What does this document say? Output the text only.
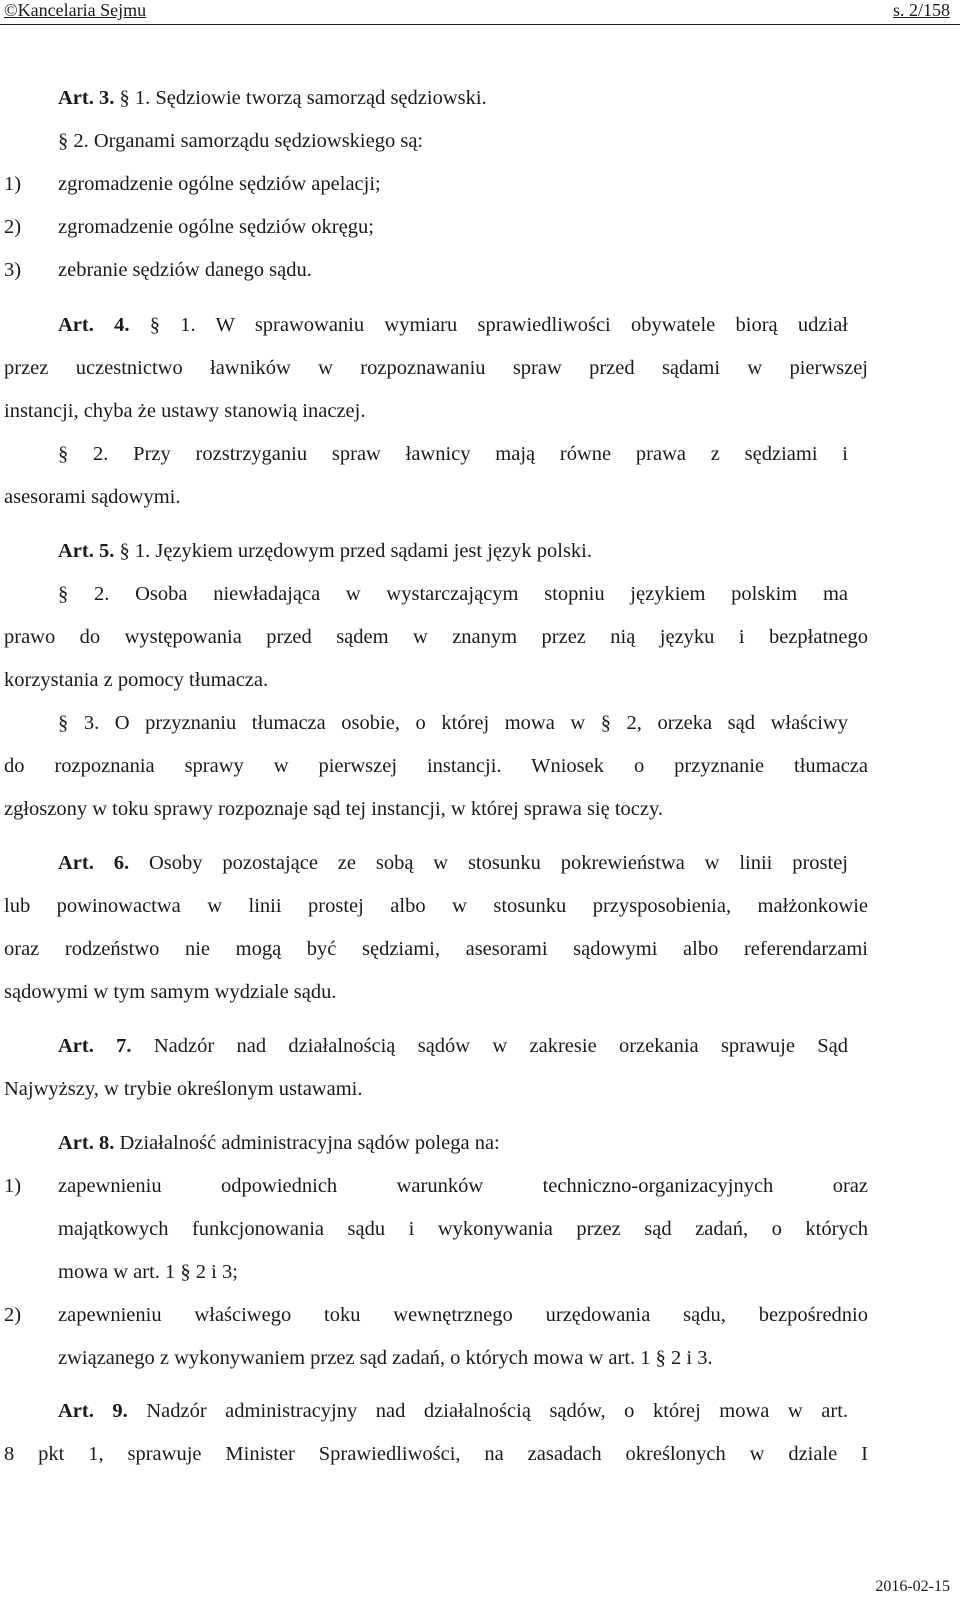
©Kancelaria Sejmu	s. 2/158
Art. 3. § 1. Sędziowie tworzą samorząd sędziowski.
§ 2. Organami samorządu sędziowskiego są:
1) zgromadzenie ogólne sędziów apelacji;
2) zgromadzenie ogólne sędziów okręgu;
3) zebranie sędziów danego sądu.
Art. 4. § 1. W sprawowaniu wymiaru sprawiedliwości obywatele biorą udział
przez uczestnictwo ławników w rozpoznawaniu spraw przed sądami w pierwszej
instancji, chyba że ustawy stanowią inaczej.
§ 2. Przy rozstrzyganiu spraw ławnicy mają równe prawa z sędziami i
asesorami sądowymi.
Art. 5. § 1. Językiem urzędowym przed sądami jest język polski.
§ 2. Osoba niewładająca w wystarczającym stopniu językiem polskim ma
prawo do występowania przed sądem w znanym przez nią języku i bezpłatnego
korzystania z pomocy tłumacza.
§ 3. O przyznaniu tłumacza osobie, o której mowa w § 2, orzeka sąd właściwy
do rozpoznania sprawy w pierwszej instancji. Wniosek o przyznanie tłumacza
zgłoszony w toku sprawy rozpoznaje sąd tej instancji, w której sprawa się toczy.
Art. 6. Osoby pozostające ze sobą w stosunku pokrewieństwa w linii prostej
lub powinowactwa w linii prostej albo w stosunku przysposobienia, małżonkowie
oraz rodzeństwo nie mogą być sędziami, asesorami sądowymi albo referendarzami
sądowymi w tym samym wydziale sądu.
Art. 7. Nadzór nad działalnością sądów w zakresie orzekania sprawuje Sąd
Najwyższy, w trybie określonym ustawami.
Art. 8. Działalność administracyjna sądów polega na:
1) zapewnieniu odpowiednich warunków techniczno-organizacyjnych oraz
majątkowych funkcjonowania sądu i wykonywania przez sąd zadań, o których
mowa w art. 1 § 2 i 3;
2) zapewnieniu właściwego toku wewnętrznego urzędowania sądu, bezpośrednio
związanego z wykonywaniem przez sąd zadań, o których mowa w art. 1 § 2 i 3.
Art. 9. Nadzór administracyjny nad działalnością sądów, o której mowa w art.
8 pkt 1, sprawuje Minister Sprawiedliwości, na zasadach określonych w dziale I
2016-02-15
